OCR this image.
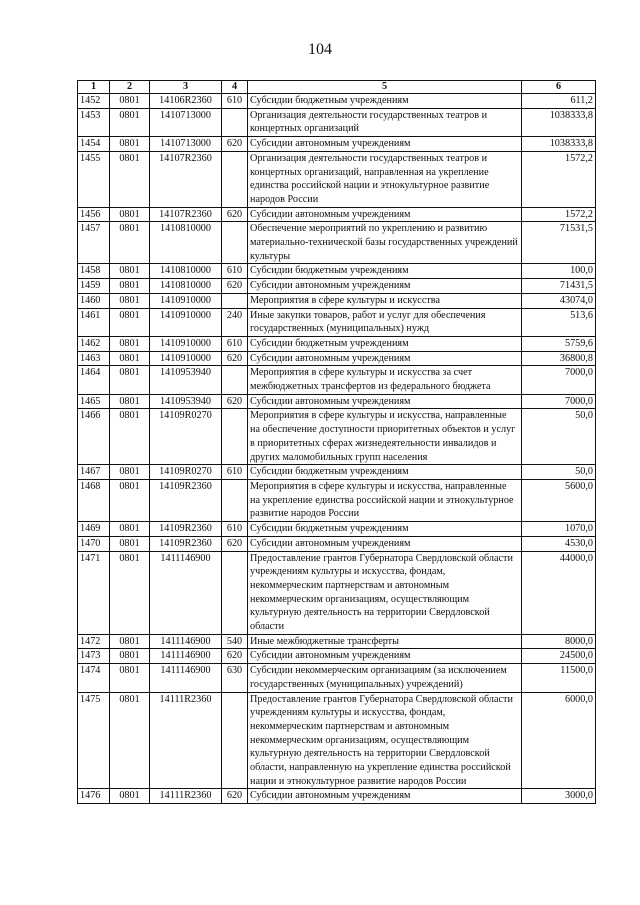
104
1	2	3	4	5	6
1452	0801	14106R2360	610	Субсидии бюджетным учреждениям	611,2
1453	0801	1410713000		Организация деятельности государственных театров и концертных организаций	1038333,8
1454	0801	1410713000	620	Субсидии автономным учреждениям	1038333,8
1455	0801	14107R2360		Организация деятельности государственных театров и концертных организаций, направленная на укрепление единства российской нации и этнокультурное развитие народов России	1572,2
1456	0801	14107R2360	620	Субсидии автономным учреждениям	1572,2
1457	0801	1410810000		Обеспечение мероприятий по укреплению и развитию материально-технической базы государственных учреждений культуры	71531,5
1458	0801	1410810000	610	Субсидии бюджетным учреждениям	100,0
1459	0801	1410810000	620	Субсидии автономным учреждениям	71431,5
1460	0801	1410910000		Мероприятия в сфере культуры и искусства	43074,0
1461	0801	1410910000	240	Иные закупки товаров, работ и услуг для обеспечения государственных (муниципальных) нужд	513,6
1462	0801	1410910000	610	Субсидии бюджетным учреждениям	5759,6
1463	0801	1410910000	620	Субсидии автономным учреждениям	36800,8
1464	0801	1410953940		Мероприятия в сфере культуры и искусства за счет межбюджетных трансфертов из федерального бюджета	7000,0
1465	0801	1410953940	620	Субсидии автономным учреждениям	7000,0
1466	0801	14109R0270		Мероприятия в сфере культуры и искусства, направленные на обеспечение доступности приоритетных объектов и услуг в приоритетных сферах жизнедеятельности инвалидов и других маломобильных групп населения	50,0
1467	0801	14109R0270	610	Субсидии бюджетным учреждениям	50,0
1468	0801	14109R2360		Мероприятия в сфере культуры и искусства, направленные на укрепление единства российской нации и этнокультурное развитие народов России	5600,0
1469	0801	14109R2360	610	Субсидии бюджетным учреждениям	1070,0
1470	0801	14109R2360	620	Субсидии автономным учреждениям	4530,0
1471	0801	1411146900		Предоставление грантов Губернатора Свердловской области учреждениям культуры и искусства, фондам, некоммерческим партнерствам и автономным некоммерческим организациям, осуществляющим культурную деятельность на территории Свердловской области	44000,0
1472	0801	1411146900	540	Иные межбюджетные трансферты	8000,0
1473	0801	1411146900	620	Субсидии автономным учреждениям	24500,0
1474	0801	1411146900	630	Субсидии некоммерческим организациям (за исключением государственных (муниципальных) учреждений)	11500,0
1475	0801	14111R2360		Предоставление грантов Губернатора Свердловской области учреждениям культуры и искусства, фондам, некоммерческим партнерствам и автономным некоммерческим организациям, осуществляющим культурную деятельность на территории Свердловской области, направленную на укрепление единства российской нации и этнокультурное развитие народов России	6000,0
1476	0801	14111R2360	620	Субсидии автономным учреждениям	3000,0
